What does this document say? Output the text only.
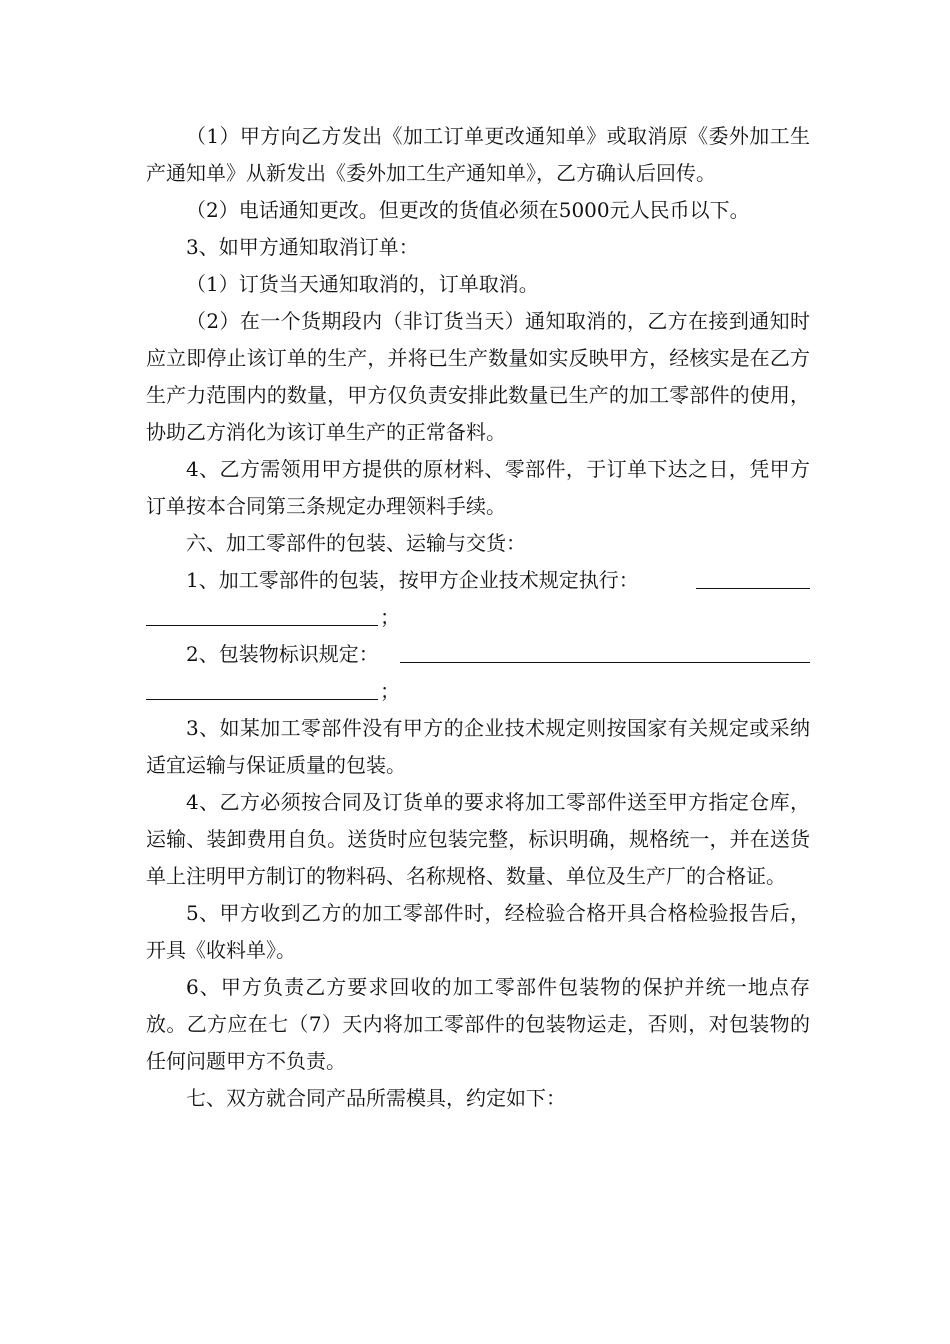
（1）甲方向乙方发出《加工订单更改通知单》或取消原《委外加工生产通知单》从新发出《委外加工生产通知单》，乙方确认后回传。

（2）电话通知更改。但更改的货值必须在5000元人民币以下。

3、如甲方通知取消订单：

（1）订货当天通知取消的，订单取消。

（2）在一个货期段内（非订货当天）通知取消的，乙方在接到通知时应立即停止该订单的生产，并将已生产数量如实反映甲方，经核实是在乙方生产力范围内的数量，甲方仅负责安排此数量已生产的加工零部件的使用，协助乙方消化为该订单生产的正常备料。

4、乙方需领用甲方提供的原材料、零部件，于订单下达之日，凭甲方订单按本合同第三条规定办理领料手续。

六、加工零部件的包装、运输与交货：

1、加工零部件的包装，按甲方企业技术规定执行：
；
2、包装物标识规定：
；

3、如某加工零部件没有甲方的企业技术规定则按国家有关规定或采纳适宜运输与保证质量的包装。

4、乙方必须按合同及订货单的要求将加工零部件送至甲方指定仓库，运输、装卸费用自负。送货时应包装完整，标识明确，规格统一，并在送货单上注明甲方制订的物料码、名称规格、数量、单位及生产厂的合格证。

5、甲方收到乙方的加工零部件时，经检验合格开具合格检验报告后，开具《收料单》。

6、甲方负责乙方要求回收的加工零部件包装物的保护并统一地点存放。乙方应在七（7）天内将加工零部件的包装物运走，否则，对包装物的任何问题甲方不负责。

七、双方就合同产品所需模具，约定如下：
